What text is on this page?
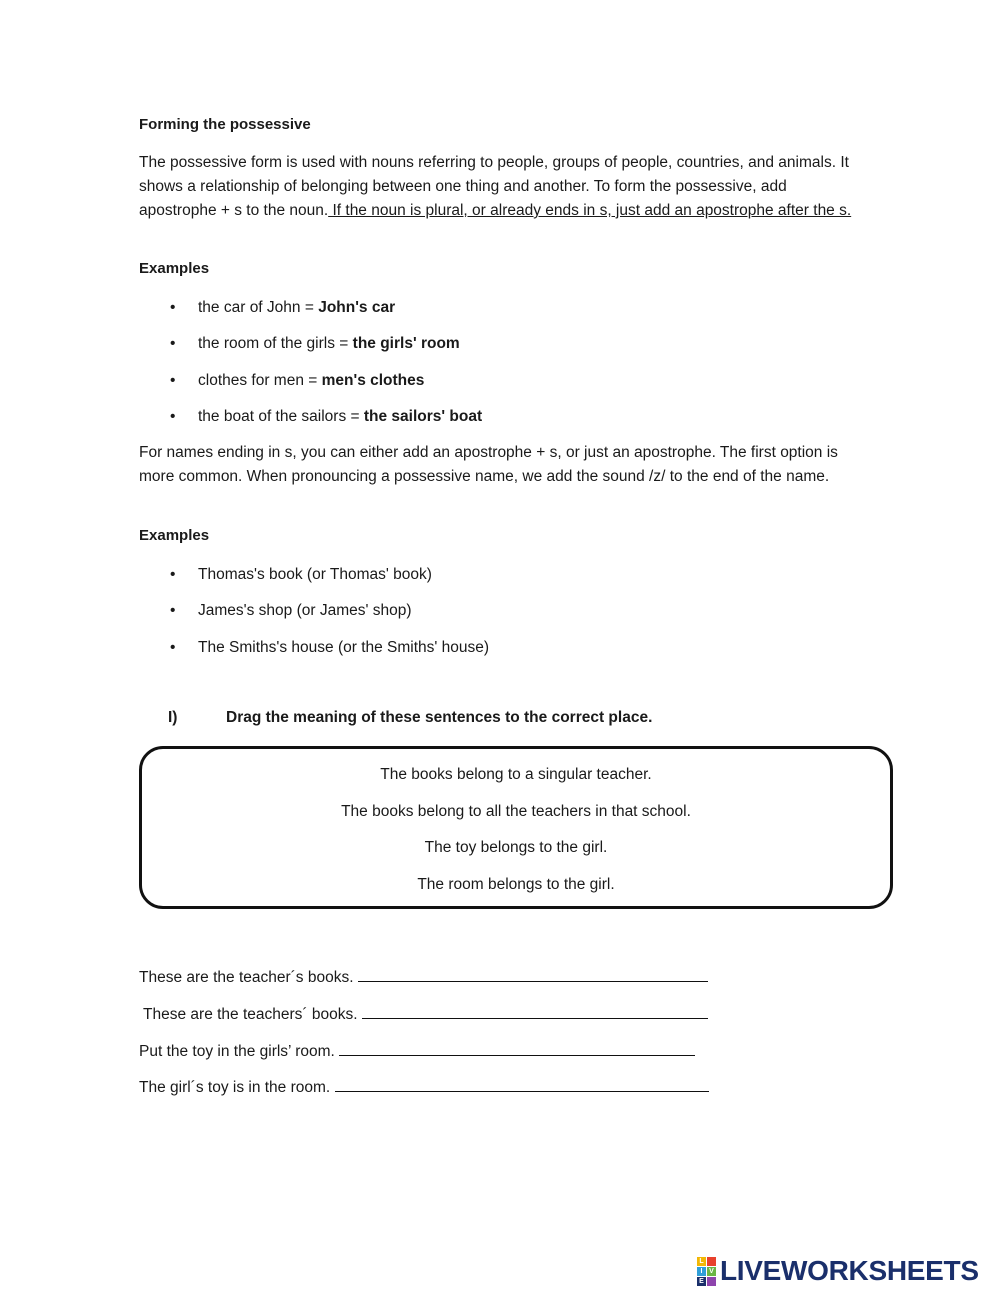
Forming the possessive
The possessive form is used with nouns referring to people, groups of people, countries, and animals. It shows a relationship of belonging between one thing and another. To form the possessive, add apostrophe + s to the noun. If the noun is plural, or already ends in s, just add an apostrophe after the s.
Examples
• the car of John = John's car
• the room of the girls = the girls' room
• clothes for men = men's clothes
• the boat of the sailors = the sailors' boat
For names ending in s, you can either add an apostrophe + s, or just an apostrophe. The first option is more common. When pronouncing a possessive name, we add the sound /z/ to the end of the name.
Examples
• Thomas's book (or Thomas' book)
• James's shop (or James' shop)
• The Smiths's house (or the Smiths' house)
I)	Drag the meaning of these sentences to the correct place.
The books belong to a singular teacher.
The books belong to all the teachers in that school.
The toy belongs to the girl.
The room belongs to the girl.
These are the teacher´s books.
These are the teachers´ books.
Put the toy in the girls’ room.
The girl´s toy is in the room.
L
I V
E LIVEWORKSHEETS
